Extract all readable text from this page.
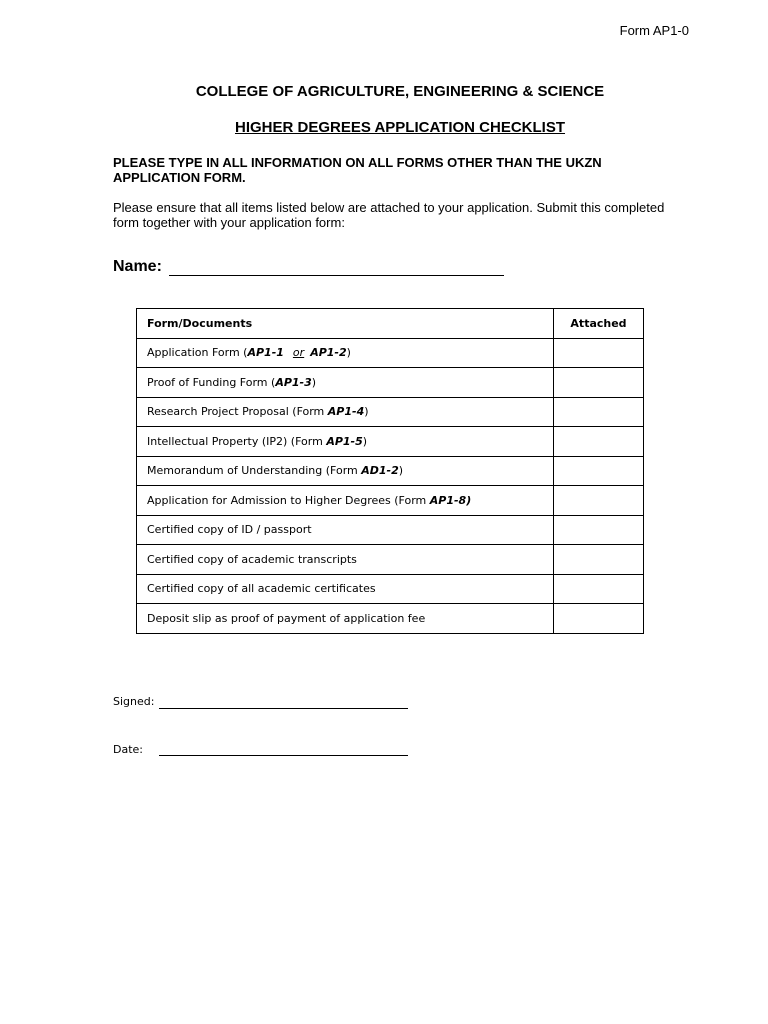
Form AP1-0
COLLEGE OF AGRICULTURE, ENGINEERING & SCIENCE
HIGHER DEGREES APPLICATION CHECKLIST
PLEASE TYPE IN ALL INFORMATION ON ALL FORMS OTHER THAN THE UKZN APPLICATION FORM.
Please ensure that all items listed below are attached to your application. Submit this completed form together with your application form:
Name:
Form/Documents	Attached
Application Form (AP1-1 or AP1-2)	
Proof of Funding Form (AP1-3)	
Research Project Proposal (Form AP1-4)	
Intellectual Property (IP2) (Form AP1-5)	
Memorandum of Understanding (Form AD1-2)	
Application for Admission to Higher Degrees (Form AP1-8)	
Certified copy of ID / passport	
Certified copy of academic transcripts	
Certified copy of all academic certificates	
Deposit slip as proof of payment of application fee	
Signed:
Date:
